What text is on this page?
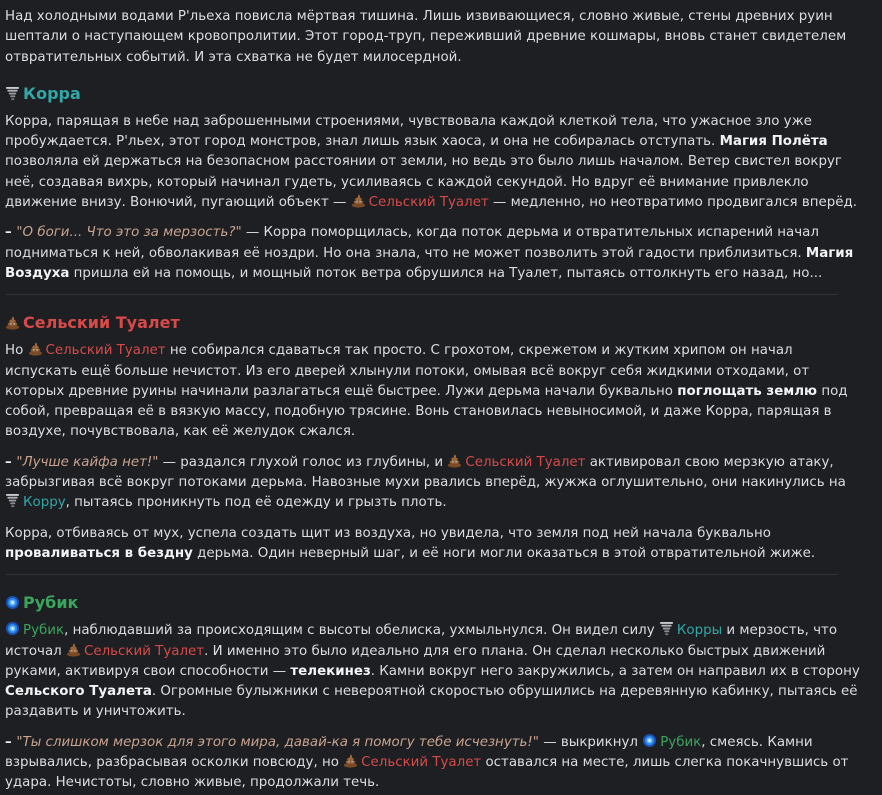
Над холодными водами Р'льеха повисла мёртвая тишина. Лишь извивающиеся, словно живые, стены древних руин шептали о наступающем кровопролитии. Этот город-труп, переживший древние кошмары, вновь станет свидетелем отвратительных событий. И эта схватка не будет милосердной.

Корра

Корра, парящая в небе над заброшенными строениями, чувствовала каждой клеткой тела, что ужасное зло уже пробуждается. Р'льех, этот город монстров, знал лишь язык хаоса, и она не собиралась отступать. Магия Полёта позволяла ей держаться на безопасном расстоянии от земли, но ведь это было лишь началом. Ветер свистел вокруг неё, создавая вихрь, который начинал гудеть, усиливаясь с каждой секундой. Но вдруг её внимание привлекло движение внизу. Вонючий, пугающий объект — Сельский Туалет — медленно, но неотвратимо продвигался вперёд.

– "О боги... Что это за мерзость?" — Корра поморщилась, когда поток дерьма и отвратительных испарений начал подниматься к ней, обволакивая её ноздри. Но она знала, что не может позволить этой гадости приблизиться. Магия Воздуха пришла ей на помощь, и мощный поток ветра обрушился на Туалет, пытаясь оттолкнуть его назад, но...

Сельский Туалет

Но Сельский Туалет не собирался сдаваться так просто. С грохотом, скрежетом и жутким хрипом он начал испускать ещё больше нечистот. Из его дверей хлынули потоки, омывая всё вокруг себя жидкими отходами, от которых древние руины начинали разлагаться ещё быстрее. Лужи дерьма начали буквально поглощать землю под собой, превращая её в вязкую массу, подобную трясине. Вонь становилась невыносимой, и даже Корра, парящая в воздухе, почувствовала, как её желудок сжался.

– "Лучше кайфа нет!" — раздался глухой голос из глубины, и Сельский Туалет активировал свою мерзкую атаку, забрызгивая всё вокруг потоками дерьма. Навозные мухи рвались вперёд, жужжа оглушительно, они накинулись на Корру, пытаясь проникнуть под её одежду и грызть плоть.

Корра, отбиваясь от мух, успела создать щит из воздуха, но увидела, что земля под ней начала буквально проваливаться в бездну дерьма. Один неверный шаг, и её ноги могли оказаться в этой отвратительной жиже.

Рубик

Рубик, наблюдавший за происходящим с высоты обелиска, ухмыльнулся. Он видел силу Корры и мерзость, что источал Сельский Туалет. И именно это было идеально для его плана. Он сделал несколько быстрых движений руками, активируя свои способности — телекинез. Камни вокруг него закружились, а затем он направил их в сторону Сельского Туалета. Огромные булыжники с невероятной скоростью обрушились на деревянную кабинку, пытаясь её раздавить и уничтожить.

– "Ты слишком мерзок для этого мира, давай-ка я помогу тебе исчезнуть!" — выкрикнул Рубик, смеясь. Камни взрывались, разбрасывая осколки повсюду, но Сельский Туалет оставался на месте, лишь слегка покачнувшись от удара. Нечистоты, словно живые, продолжали течь.
